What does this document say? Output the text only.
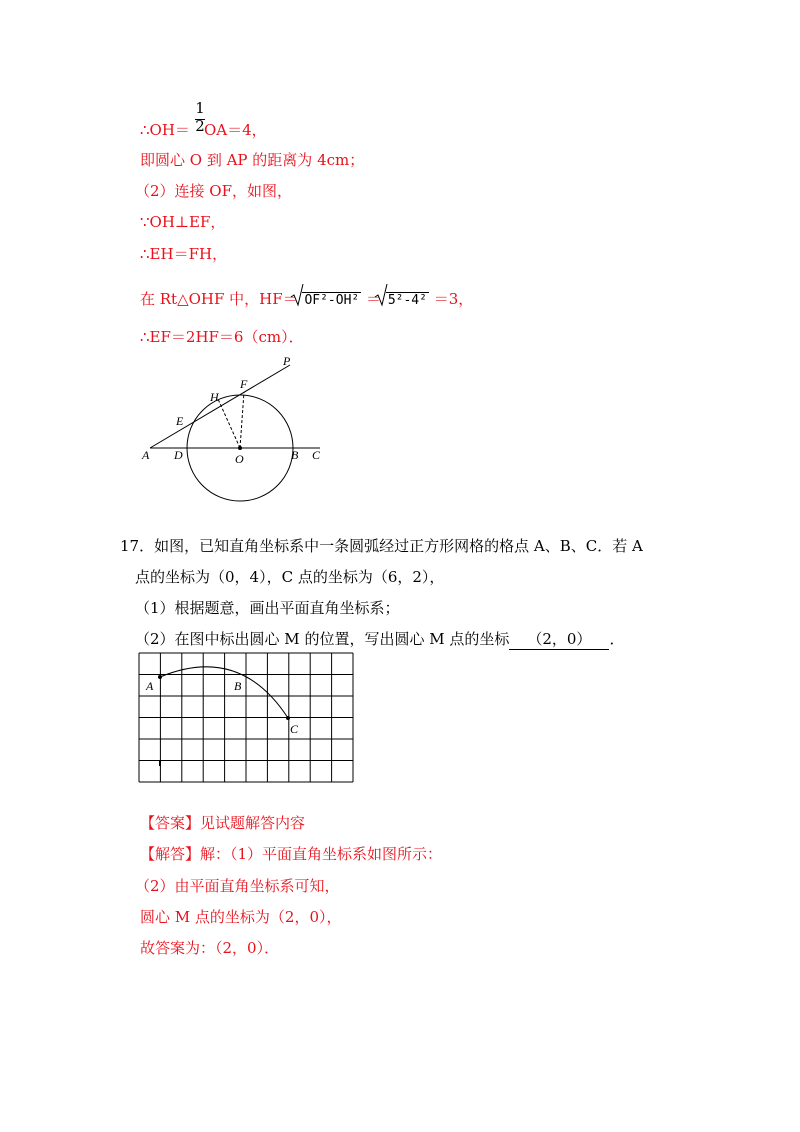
1
2
∴OH＝ OA＝4，
即圆心 O 到 AP 的距离为 4cm；
（2）连接 OF，如图，
∵OH⊥EF，
∴EH＝FH，
在 Rt△OHF 中，HF＝ OF²-OH² ＝ 5²-4² ＝3，
∴EF＝2HF＝6（cm）．
P
F
H
E
A D	O	B C
17．如图，已知直角坐标系中一条圆弧经过正方形网格的格点 A、B、C．若 A
点的坐标为（0，4），C 点的坐标为（6，2），
（1）根据题意，画出平面直角坐标系；
（2）在图中标出圆心 M 的位置，写出圆心 M 点的坐标 （2，0） ．
A	B
C
【答案】见试题解答内容
【解答】解：（1）平面直角坐标系如图所示：
（2）由平面直角坐标系可知，
圆心 M 点的坐标为（2，0），
故答案为：（2，0）．
